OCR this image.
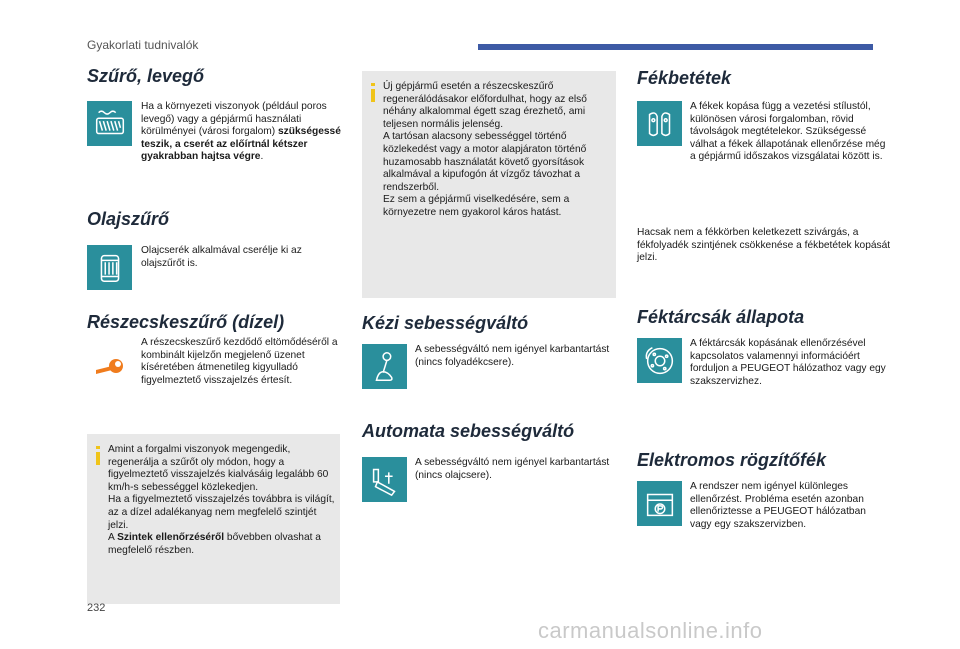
Gyakorlati tudnivalók
Szűrő, levegő
Ha a környezeti viszonyok (például poros levegő) vagy a gépjármű használati körülményei (városi forgalom) szükségessé teszik, a cserét az előírtnál kétszer gyakrabban hajtsa végre.
Olajszűrő
Olajcserék alkalmával cserélje ki az olajszűrőt is.
Részecskeszűrő (dízel)
A részecskeszűrő kezdődő eltömődéséről a kombinált kijelzőn megjelenő üzenet kíséretében átmenetileg kigyulladó figyelmeztető visszajelzés értesít.

Amint a forgalmi viszonyok megengedik, regenerálja a szűrőt oly módon, hogy a figyelmeztető visszajelzés kialvásáig legalább 60 km/h-s sebességgel közlekedjen.

Ha a figyelmeztető visszajelzés továbbra is világít, az a dízel adalékanyag nem megfelelő szintjét jelzi.

A Szintek ellenőrzéséről bővebben olvashat a megfelelő részben.

Új gépjármű esetén a részecskeszűrő regenerálódásakor előfordulhat, hogy az első néhány alkalommal égett szag érezhető, ami teljesen normális jelenség.

A tartósan alacsony sebességgel történő közlekedést vagy a motor alapjáraton történő huzamosabb használatát követő gyorsítások alkalmával a kipufogón át vízgőz távozhat a rendszerből.

Ez sem a gépjármű viselkedésére, sem a környezetre nem gyakorol káros hatást.

Kézi sebességváltó
A sebességváltó nem igényel karbantartást (nincs folyadékcsere).
Automata sebességváltó
A sebességváltó nem igényel karbantartást (nincs olajcsere).
Fékbetétek
A fékek kopása függ a vezetési stílustól, különösen városi forgalomban, rövid távolságok megtételekor. Szükségessé válhat a fékek állapotának ellenőrzése még a gépjármű időszakos vizsgálatai között is.
Hacsak nem a fékkörben keletkezett szivárgás, a fékfolyadék szintjének csökkenése a fékbetétek kopását jelzi.
Féktárcsák állapota
A féktárcsák kopásának ellenőrzésével kapcsolatos valamennyi információért forduljon a PEUGEOT hálózathoz vagy egy szakszervizhez.
Elektromos rögzítőfék
A rendszer nem igényel különleges ellenőrzést. Probléma esetén azonban ellenőriztesse a PEUGEOT hálózatban vagy egy szakszervizben.
232
carmanualsonline.info
